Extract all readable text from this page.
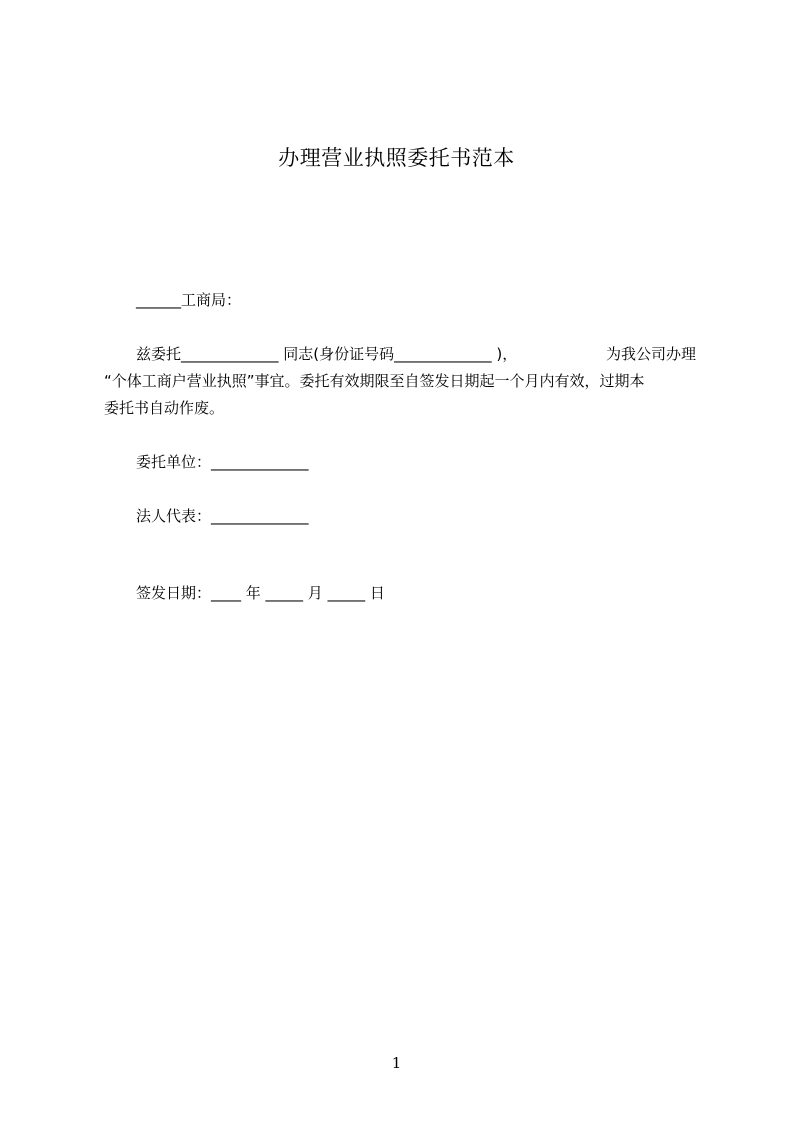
办理营业执照委托书范本
______工商局：
兹委托_____________ 同志(身份证号码_____________ )，	为我公司办理
“个体工商户营业执照”事宜。委托有效期限至自签发日期起一个月内有效，过期本
委托书自动作废。
委托单位：_____________
法人代表：_____________
签发日期：____ 年 _____ 月 _____ 日
1
